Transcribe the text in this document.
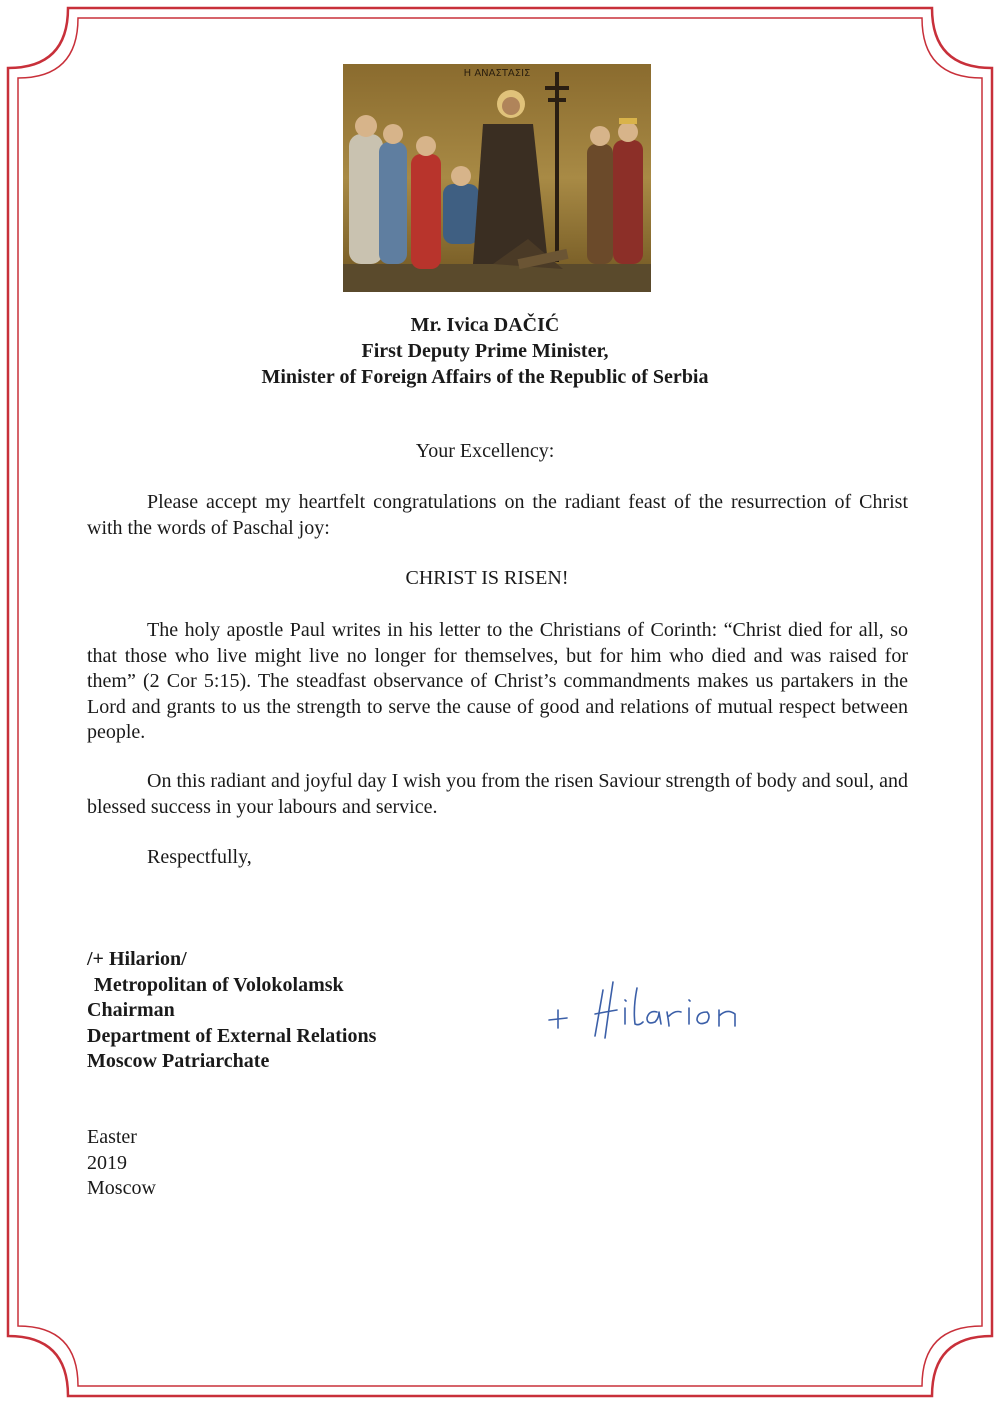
Η ΑΝΑΣΤΑΣΙΣ
Mr. Ivica DAČIĆ
First Deputy Prime Minister,
Minister of Foreign Affairs of the Republic of Serbia
Your Excellency:
Please accept my heartfelt congratulations on the radiant feast of the resurrection of Christ with the words of Paschal joy:
CHRIST IS RISEN!
The holy apostle Paul writes in his letter to the Christians of Corinth: “Christ died for all, so that those who live might live no longer for themselves, but for him who died and was raised for them” (2 Cor 5:15). The steadfast observance of Christ’s commandments makes us partakers in the Lord and grants to us the strength to serve the cause of good and relations of mutual respect between people.
On this radiant and joyful day I wish you from the risen Saviour strength of body and soul, and blessed success in your labours and service.
Respectfully,
/+ Hilarion/
Metropolitan of Volokolamsk
Chairman
Department of External Relations
Moscow Patriarchate
Easter
2019
Moscow
